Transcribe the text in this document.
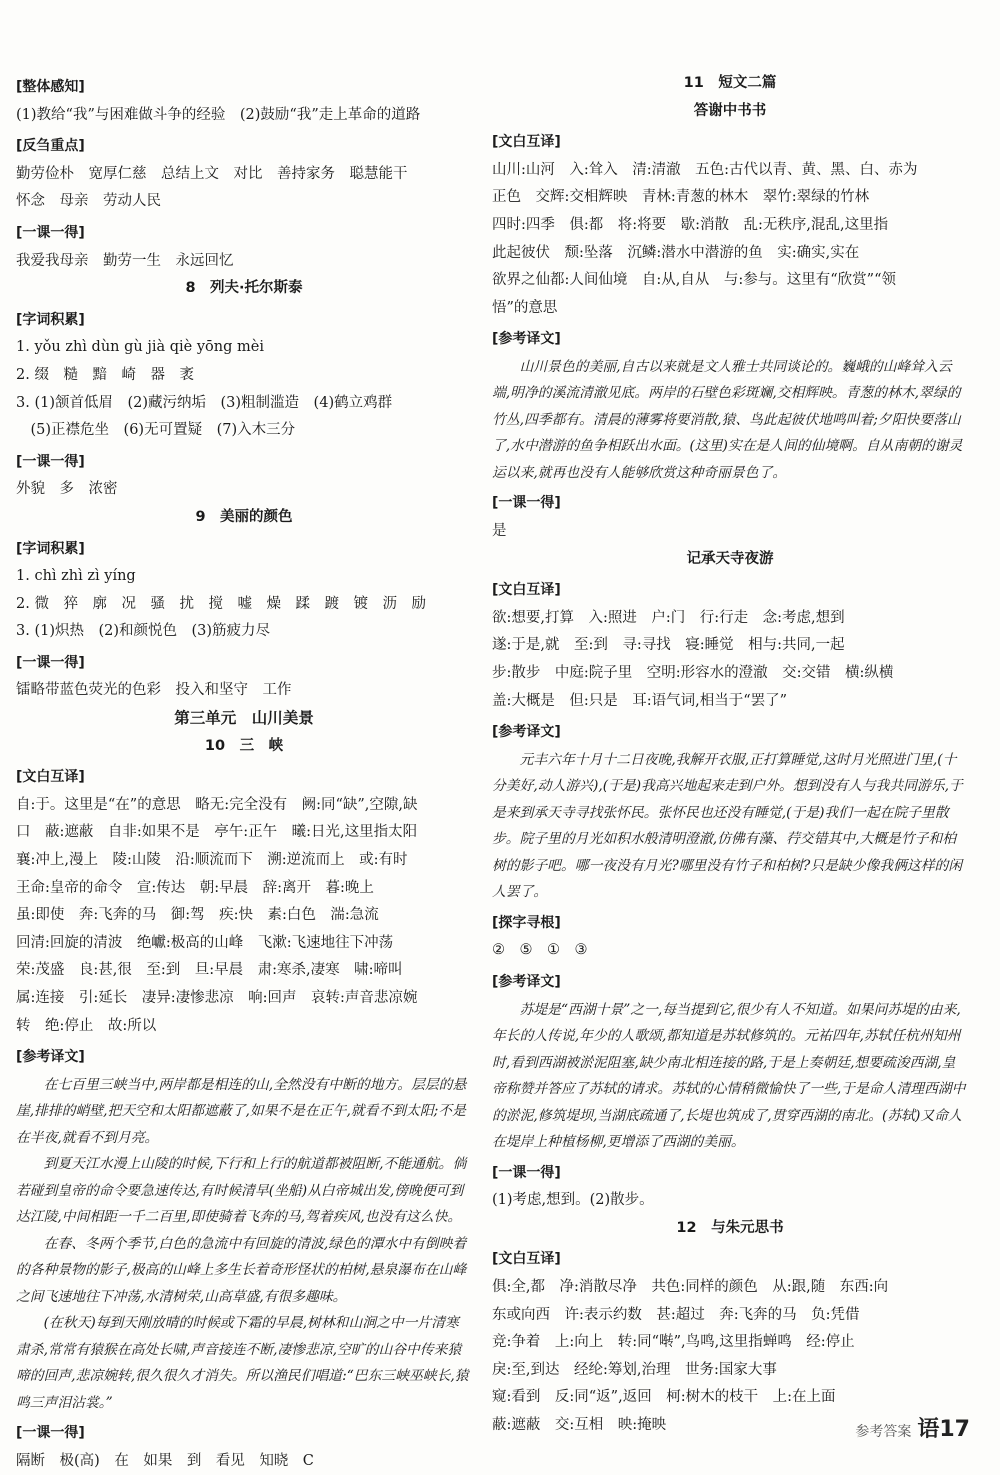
[整体感知]
(1)教给“我”与困难做斗争的经验　(2)鼓励“我”走上革命的道路
[反刍重点]
勤劳俭朴　宽厚仁慈　总结上文　对比　善持家务　聪慧能干
怀念　母亲　劳动人民
[一课一得]
我爱我母亲　勤劳一生　永远回忆
8　列夫·托尔斯泰
[字词积累]
1. yǒu zhì dùn gù jià qiè yōng mèi
2. 缀　糙　黯　崎　器　袤
3. (1)颔首低眉　(2)藏污纳垢　(3)粗制滥造　(4)鹤立鸡群
　(5)正襟危坐　(6)无可置疑　(7)入木三分
[一课一得]
外貌　多　浓密
9　美丽的颜色
[字词积累]
1. chì zhì zì yíng
2. 微　猝　廓　况　骚　扰　搅　嘘　燥　蹂　踱　镀　沥　励
3. (1)炽热　(2)和颜悦色　(3)筋疲力尽
[一课一得]
镭略带蓝色荧光的色彩　投入和坚守　工作
第三单元　山川美景
10　三　峡
[文白互译]
自:于。这里是“在”的意思　略无:完全没有　阙:同“缺”,空隙,缺
口　蔽:遮蔽　自非:如果不是　亭午:正午　曦:日光,这里指太阳
襄:冲上,漫上　陵:山陵　沿:顺流而下　溯:逆流而上　或:有时
王命:皇帝的命令　宣:传达　朝:早晨　辞:离开　暮:晚上
虽:即使　奔:飞奔的马　御:驾　疾:快　素:白色　湍:急流
回清:回旋的清波　绝巘:极高的山峰　飞漱:飞速地往下冲荡
荣:茂盛　良:甚,很　至:到　旦:早晨　肃:寒杀,凄寒　啸:啼叫
属:连接　引:延长　凄异:凄惨悲凉　响:回声　哀转:声音悲凉婉
转　绝:停止　故:所以
[参考译文]

在七百里三峡当中,两岸都是相连的山,全然没有中断的地方。层层的悬崖,排排的峭壁,把天空和太阳都遮蔽了,如果不是在正午,就看不到太阳;不是在半夜,就看不到月亮。

到夏天江水漫上山陵的时候,下行和上行的航道都被阻断,不能通航。倘若碰到皇帝的命令要急速传达,有时候清早(坐船)从白帝城出发,傍晚便可到达江陵,中间相距一千二百里,即使骑着飞奔的马,驾着疾风,也没有这么快。

在春、冬两个季节,白色的急流中有回旋的清波,绿色的潭水中有倒映着的各种景物的影子,极高的山峰上多生长着奇形怪状的柏树,悬泉瀑布在山峰之间飞速地往下冲荡,水清树荣,山高草盛,有很多趣味。

(在秋天)每到天刚放晴的时候或下霜的早晨,树林和山涧之中一片清寒肃杀,常常有猿猴在高处长啸,声音接连不断,凄惨悲凉,空旷的山谷中传来猿啼的回声,悲凉婉转,很久很久才消失。所以渔民们唱道:“巴东三峡巫峡长,猿鸣三声泪沾裳。”

[一课一得]
隔断　极(高)　在　如果　到　看见　知晓　C
11　短文二篇
答谢中书书
[文白互译]
山川:山河　入:耸入　清:清澈　五色:古代以青、黄、黑、白、赤为
正色　交辉:交相辉映　青林:青葱的林木　翠竹:翠绿的竹林
四时:四季　俱:都　将:将要　歇:消散　乱:无秩序,混乱,这里指
此起彼伏　颓:坠落　沉鳞:潜水中潜游的鱼　实:确实,实在
欲界之仙都:人间仙境　自:从,自从　与:参与。这里有“欣赏”“领
悟”的意思
[参考译文]

山川景色的美丽,自古以来就是文人雅士共同谈论的。巍峨的山峰耸入云端,明净的溪流清澈见底。两岸的石壁色彩斑斓,交相辉映。青葱的林木,翠绿的竹丛,四季都有。清晨的薄雾将要消散,猿、鸟此起彼伏地鸣叫着;夕阳快要落山了,水中潜游的鱼争相跃出水面。(这里)实在是人间的仙境啊。自从南朝的谢灵运以来,就再也没有人能够欣赏这种奇丽景色了。

[一课一得]
是
记承天寺夜游
[文白互译]
欲:想要,打算　入:照进　户:门　行:行走　念:考虑,想到
遂:于是,就　至:到　寻:寻找　寝:睡觉　相与:共同,一起
步:散步　中庭:院子里　空明:形容水的澄澈　交:交错　横:纵横
盖:大概是　但:只是　耳:语气词,相当于“罢了”
[参考译文]

元丰六年十月十二日夜晚,我解开衣服,正打算睡觉,这时月光照进门里,(十分美好,动人游兴),(于是)我高兴地起来走到户外。想到没有人与我共同游乐,于是来到承天寺寻找张怀民。张怀民也还没有睡觉,(于是)我们一起在院子里散步。院子里的月光如积水般清明澄澈,仿佛有藻、荇交错其中,大概是竹子和柏树的影子吧。哪一夜没有月光?哪里没有竹子和柏树?只是缺少像我俩这样的闲人罢了。

[探字寻根]
②　⑤　①　③
[参考译文]

苏堤是“西湖十景”之一,每当提到它,很少有人不知道。如果问苏堤的由来,年长的人传说,年少的人歌颂,都知道是苏轼修筑的。元祐四年,苏轼任杭州知州时,看到西湖被淤泥阻塞,缺少南北相连接的路,于是上奏朝廷,想要疏浚西湖,皇帝称赞并答应了苏轼的请求。苏轼的心情稍微愉快了一些,于是命人清理西湖中的淤泥,修筑堤坝,当湖底疏通了,长堤也筑成了,贯穿西湖的南北。(苏轼)又命人在堤岸上种植杨柳,更增添了西湖的美丽。

[一课一得]
(1)考虑,想到。(2)散步。
12　与朱元思书
[文白互译]
俱:全,都　净:消散尽净　共色:同样的颜色　从:跟,随　东西:向
东或向西　许:表示约数　甚:超过　奔:飞奔的马　负:凭借
竞:争着　上:向上　转:同“啭”,鸟鸣,这里指蝉鸣　经:停止
戾:至,到达　经纶:筹划,治理　世务:国家大事
窥:看到　反:同“返”,返回　柯:树木的枝干　上:在上面
蔽:遮蔽　交:互相　映:掩映	参考答案 语17
